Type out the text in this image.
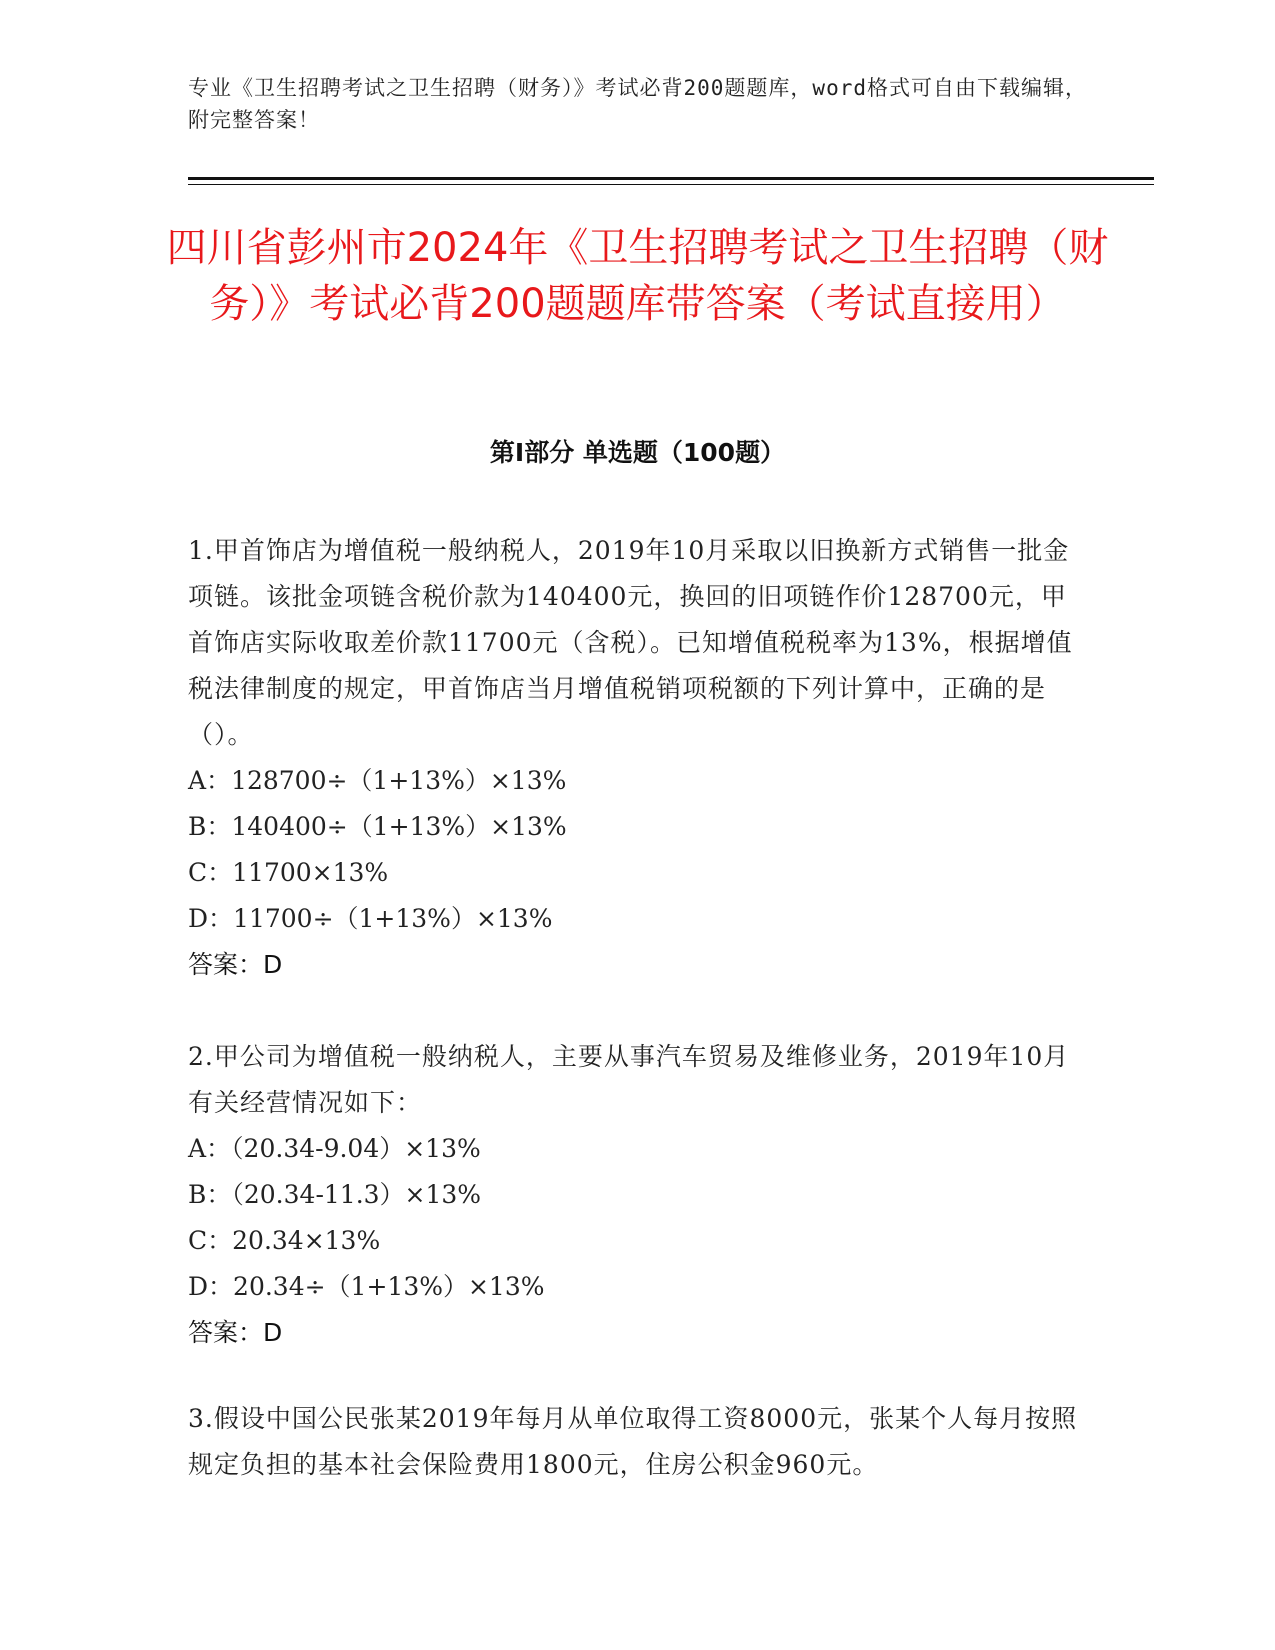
专业《卫生招聘考试之卫生招聘（财务）》考试必背200题题库，word格式可自由下载编辑，附完整答案！
四川省彭州市2024年《卫生招聘考试之卫生招聘（财务）》考试必背200题题库带答案（考试直接用）
第Ⅰ部分 单选题（100题）
1.甲首饰店为增值税一般纳税人，2019年10月采取以旧换新方式销售一批金项链。该批金项链含税价款为140400元，换回的旧项链作价128700元，甲首饰店实际收取差价款11700元（含税）。已知增值税税率为13%，根据增值税法律制度的规定，甲首饰店当月增值税销项税额的下列计算中，正确的是（）。
A：128700÷（1+13%）×13%
B：140400÷（1+13%）×13%
C：11700×13%
D：11700÷（1+13%）×13%
答案：D
2.甲公司为增值税一般纳税人，主要从事汽车贸易及维修业务，2019年10月有关经营情况如下：
A：（20.34-9.04）×13%
B：（20.34-11.3）×13%
C：20.34×13%
D：20.34÷（1+13%）×13%
答案：D
3.假设中国公民张某2019年每月从单位取得工资8000元，张某个人每月按照规定负担的基本社会保险费用1800元，住房公积金960元。
